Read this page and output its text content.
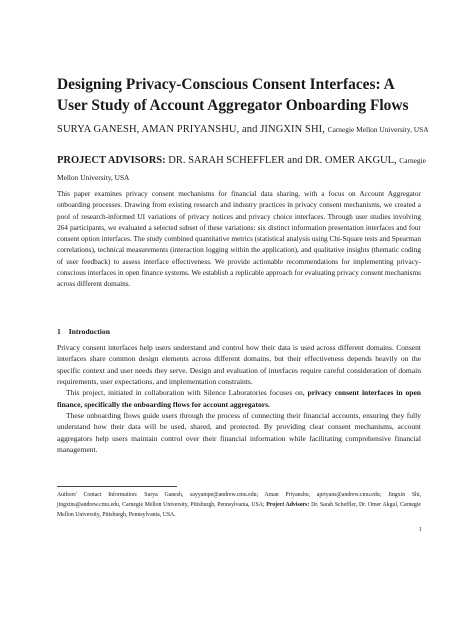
Designing Privacy-Conscious Consent Interfaces: A User Study of Account Aggregator Onboarding Flows
SURYA GANESH, AMAN PRIYANSHU, and JINGXIN SHI, Carnegie Mellon University, USA
PROJECT ADVISORS: DR. SARAH SCHEFFLER and DR. OMER AKGUL, Carnegie Mellon University, USA

This paper examines privacy consent mechanisms for financial data sharing, with a focus on Account Aggregator onboarding processes. Drawing from existing research and industry practices in privacy consent mechanisms, we created a pool of research-informed UI variations of privacy notices and privacy choice interfaces. Through user studies involving 264 participants, we evaluated a selected subset of these variations: six distinct information presentation interfaces and four consent option interfaces. The study combined quantitative metrics (statistical analysis using Chi-Square tests and Spearman correlations), technical measurements (interaction logging within the application), and qualitative insights (thematic coding of user feedback) to assess interface effectiveness. We provide actionable recommendations for implementing privacy-conscious interfaces in open finance systems. We establish a replicable approach for evaluating privacy consent mechanisms across different domains.

1 Introduction

Privacy consent interfaces help users understand and control how their data is used across different domains. Consent interfaces share common design elements across different domains, but their effectiveness depends heavily on the specific context and user needs they serve. Design and evaluation of interfaces require careful consideration of domain requirements, user expectations, and implementation constraints.

This project, initiated in collaboration with Silence Laboratories focuses on, privacy consent interfaces in open finance, specifically the onboarding flows for account aggregators.

These onboarding flows guide users through the process of connecting their financial accounts, ensuring they fully understand how their data will be used, shared, and protected. By providing clear consent mechanisms, account aggregators help users maintain control over their financial information while facilitating comprehensive financial management.

Authors' Contact Information: Surya Ganesh, sayyampe@andrew.cmu.edu; Aman Priyanshu, apriyans@andrew.cmu.edu; Jingxin Shi, jingxins@andrew.cmu.edu, Carnegie Mellon University, Pittsburgh, Pennsylvania, USA; Project Advisors: Dr. Sarah Scheffler, Dr. Omer Akgul, Carnegie Mellon University, Pittsburgh, Pennsylvania, USA.

1
